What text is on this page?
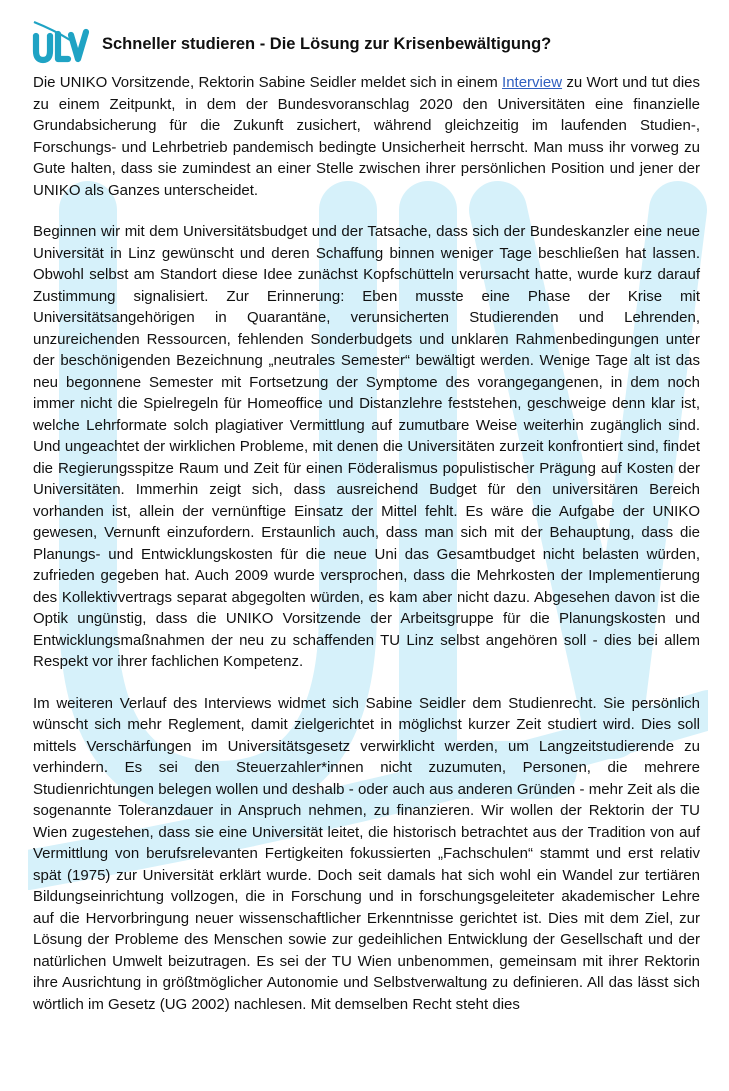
Schneller studieren - Die Lösung zur Krisenbewältigung?

Die UNIKO Vorsitzende, Rektorin Sabine Seidler meldet sich in einem Interview zu Wort und tut dies zu einem Zeitpunkt, in dem der Bundesvoranschlag 2020 den Universitäten eine finanzielle Grundabsicherung für die Zukunft zusichert, während gleichzeitig im laufenden Studien-, Forschungs- und Lehrbetrieb pandemisch bedingte Unsicherheit herrscht. Man muss ihr vorweg zu Gute halten, dass sie zumindest an einer Stelle zwischen ihrer persönlichen Position und jener der UNIKO als Ganzes unterscheidet.

Beginnen wir mit dem Universitätsbudget und der Tatsache, dass sich der Bundeskanzler eine neue Universität in Linz gewünscht und deren Schaffung binnen weniger Tage beschließen hat lassen. Obwohl selbst am Standort diese Idee zunächst Kopfschütteln verursacht hatte, wurde kurz darauf Zustimmung signalisiert. Zur Erinnerung: Eben musste eine Phase der Krise mit Universitätsangehörigen in Quarantäne, verunsicherten Studierenden und Lehrenden, unzureichenden Ressourcen, fehlenden Sonderbudgets und unklaren Rahmenbedingungen unter der beschönigenden Bezeichnung „neutrales Semester“ bewältigt werden. Wenige Tage alt ist das neu begonnene Semester mit Fortsetzung der Symptome des vorangegangenen, in dem noch immer nicht die Spielregeln für Homeoffice und Distanzlehre feststehen, geschweige denn klar ist, welche Lehrformate solch plagiativer Vermittlung auf zumutbare Weise weiterhin zugänglich sind. Und ungeachtet der wirklichen Probleme, mit denen die Universitäten zurzeit konfrontiert sind, findet die Regierungsspitze Raum und Zeit für einen Föderalismus populistischer Prägung auf Kosten der Universitäten. Immerhin zeigt sich, dass ausreichend Budget für den universitären Bereich vorhanden ist, allein der vernünftige Einsatz der Mittel fehlt. Es wäre die Aufgabe der UNIKO gewesen, Vernunft einzufordern. Erstaunlich auch, dass man sich mit der Behauptung, dass die Planungs- und Entwicklungskosten für die neue Uni das Gesamtbudget nicht belasten würden, zufrieden gegeben hat. Auch 2009 wurde versprochen, dass die Mehrkosten der Implementierung des Kollektivvertrags separat abgegolten würden, es kam aber nicht dazu. Abgesehen davon ist die Optik ungünstig, dass die UNIKO Vorsitzende der Arbeitsgruppe für die Planungskosten und Entwicklungsmaßnahmen der neu zu schaffenden TU Linz selbst angehören soll - dies bei allem Respekt vor ihrer fachlichen Kompetenz.

Im weiteren Verlauf des Interviews widmet sich Sabine Seidler dem Studienrecht. Sie persönlich wünscht sich mehr Reglement, damit zielgerichtet in möglichst kurzer Zeit studiert wird. Dies soll mittels Verschärfungen im Universitätsgesetz verwirklicht werden, um Langzeitstudierende zu verhindern. Es sei den Steuerzahler*innen nicht zuzumuten, Personen, die mehrere Studienrichtungen belegen wollen und deshalb - oder auch aus anderen Gründen - mehr Zeit als die sogenannte Toleranzdauer in Anspruch nehmen, zu finanzieren. Wir wollen der Rektorin der TU Wien zugestehen, dass sie eine Universität leitet, die historisch betrachtet aus der Tradition von auf Vermittlung von berufsrelevanten Fertigkeiten fokussierten „Fachschulen“ stammt und erst relativ spät (1975) zur Universität erklärt wurde. Doch seit damals hat sich wohl ein Wandel zur tertiären Bildungseinrichtung vollzogen, die in Forschung und in forschungsgeleiteter akademischer Lehre auf die Hervorbringung neuer wissenschaftlicher Erkenntnisse gerichtet ist. Dies mit dem Ziel, zur Lösung der Probleme des Menschen sowie zur gedeihlichen Entwicklung der Gesellschaft und der natürlichen Umwelt beizutragen. Es sei der TU Wien unbenommen, gemeinsam mit ihrer Rektorin ihre Ausrichtung in größtmöglicher Autonomie und Selbstverwaltung zu definieren. All das lässt sich wörtlich im Gesetz (UG 2002) nachlesen. Mit demselben Recht steht dies
